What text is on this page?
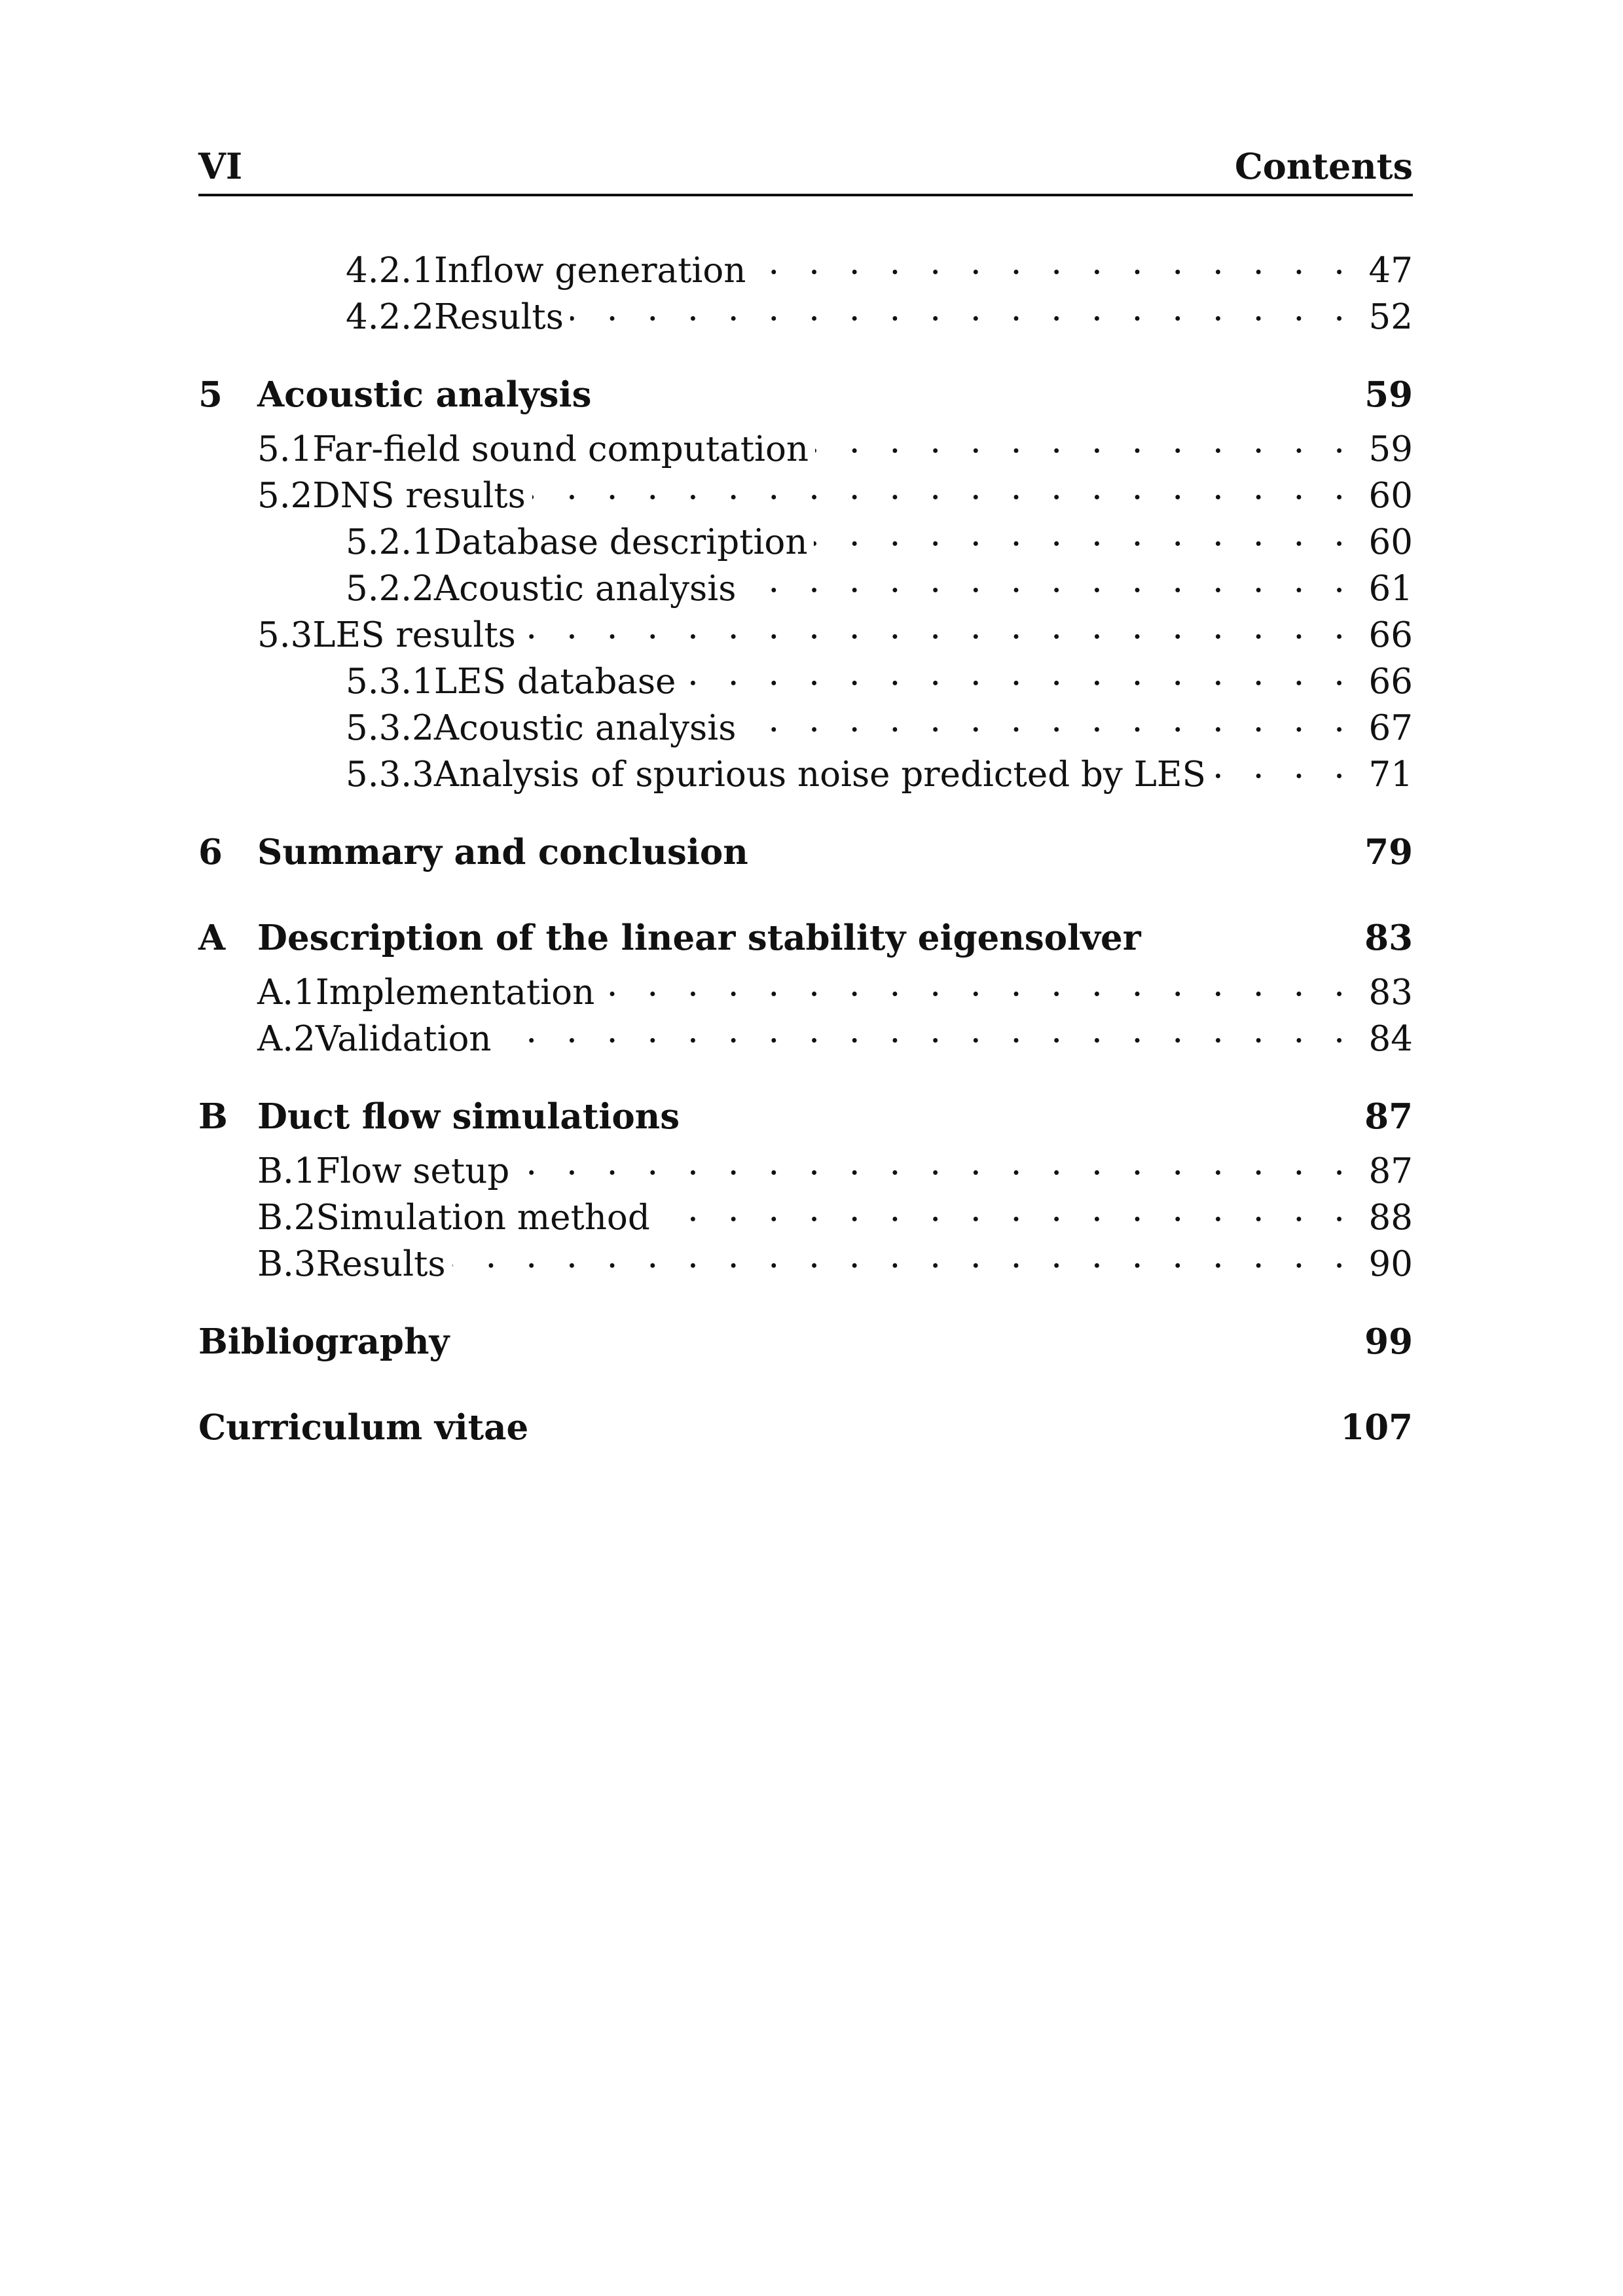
VI	Contents
4.2.1 Inflow generation . . .	47
4.2.2 Results . . .	52
5	Acoustic analysis	59
5.1 Far-field sound computation . . .	59
5.2 DNS results . . .	60
5.2.1 Database description . . .	60
5.2.2 Acoustic analysis . . .	61
5.3 LES results . . .	66
5.3.1 LES database . . .	66
5.3.2 Acoustic analysis . . .	67
5.3.3 Analysis of spurious noise predicted by LES . . .	71
6	Summary and conclusion	79
A Description of the linear stability eigensolver	83
A.1 Implementation . . .	83
A.2 Validation . . .	84
B Duct flow simulations	87
B.1 Flow setup . . .	87
B.2 Simulation method . . .	88
B.3 Results . . .	90
Bibliography	99
Curriculum vitae	107
